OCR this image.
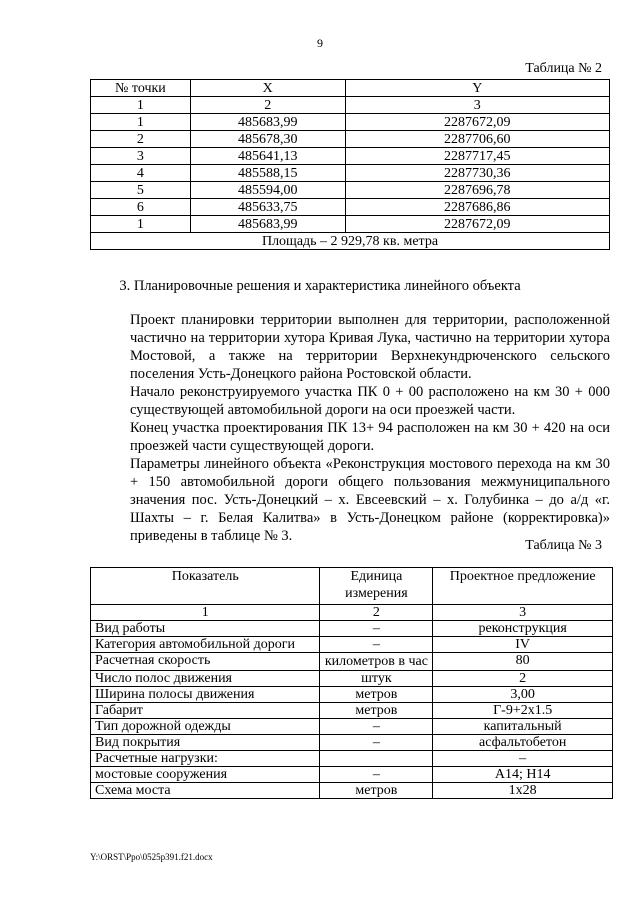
9
Таблица № 2
№ точки	X	Y
1	2	3
1	485683,99	2287672,09
2	485678,30	2287706,60
3	485641,13	2287717,45
4	485588,15	2287730,36
5	485594,00	2287696,78
6	485633,75	2287686,86
1	485683,99	2287672,09
Площадь – 2 929,78 кв. метра		
3. Планировочные решения и характеристика линейного объекта
Проект планировки территории выполнен для территории, расположенной частично на территории хутора Кривая Лука, частично на территории хутора Мостовой, а также на территории Верхнекундрюченского сельского поселения Усть-Донецкого района Ростовской области.
Начало реконструируемого участка ПК 0 + 00 расположено на км 30 + 000 существующей автомобильной дороги на оси проезжей части.
Конец участка проектирования ПК 13+ 94 расположен на км 30 + 420 на оси проезжей части существующей дороги.
Параметры линейного объекта «Реконструкция мостового перехода на км 30 + 150 автомобильной дороги общего пользования межмуниципального значения пос. Усть-Донецкий – х. Евсеевский – х. Голубинка – до а/д «г. Шахты – г. Белая Калитва» в Усть-Донецком районе (корректировка)» приведены в таблице № 3.
Таблица № 3
Показатель	Единица измерения	Проектное предложение
1	2	3
Вид работы	–	реконструкция
Категория автомобильной дороги	–	IV
Расчетная скорость	километров в час	80
Число полос движения	штук	2
Ширина полосы движения	метров	3,00
Габарит	метров	Г-9+2х1.5
Тип дорожной одежды	–	капитальный
Вид покрытия	–	асфальтобетон
Расчетные нагрузки:		–
мостовые сооружения	–	А14; Н14
Схема моста	метров	1х28
Y:\ORST\Ppo\0525p391.f21.docx
